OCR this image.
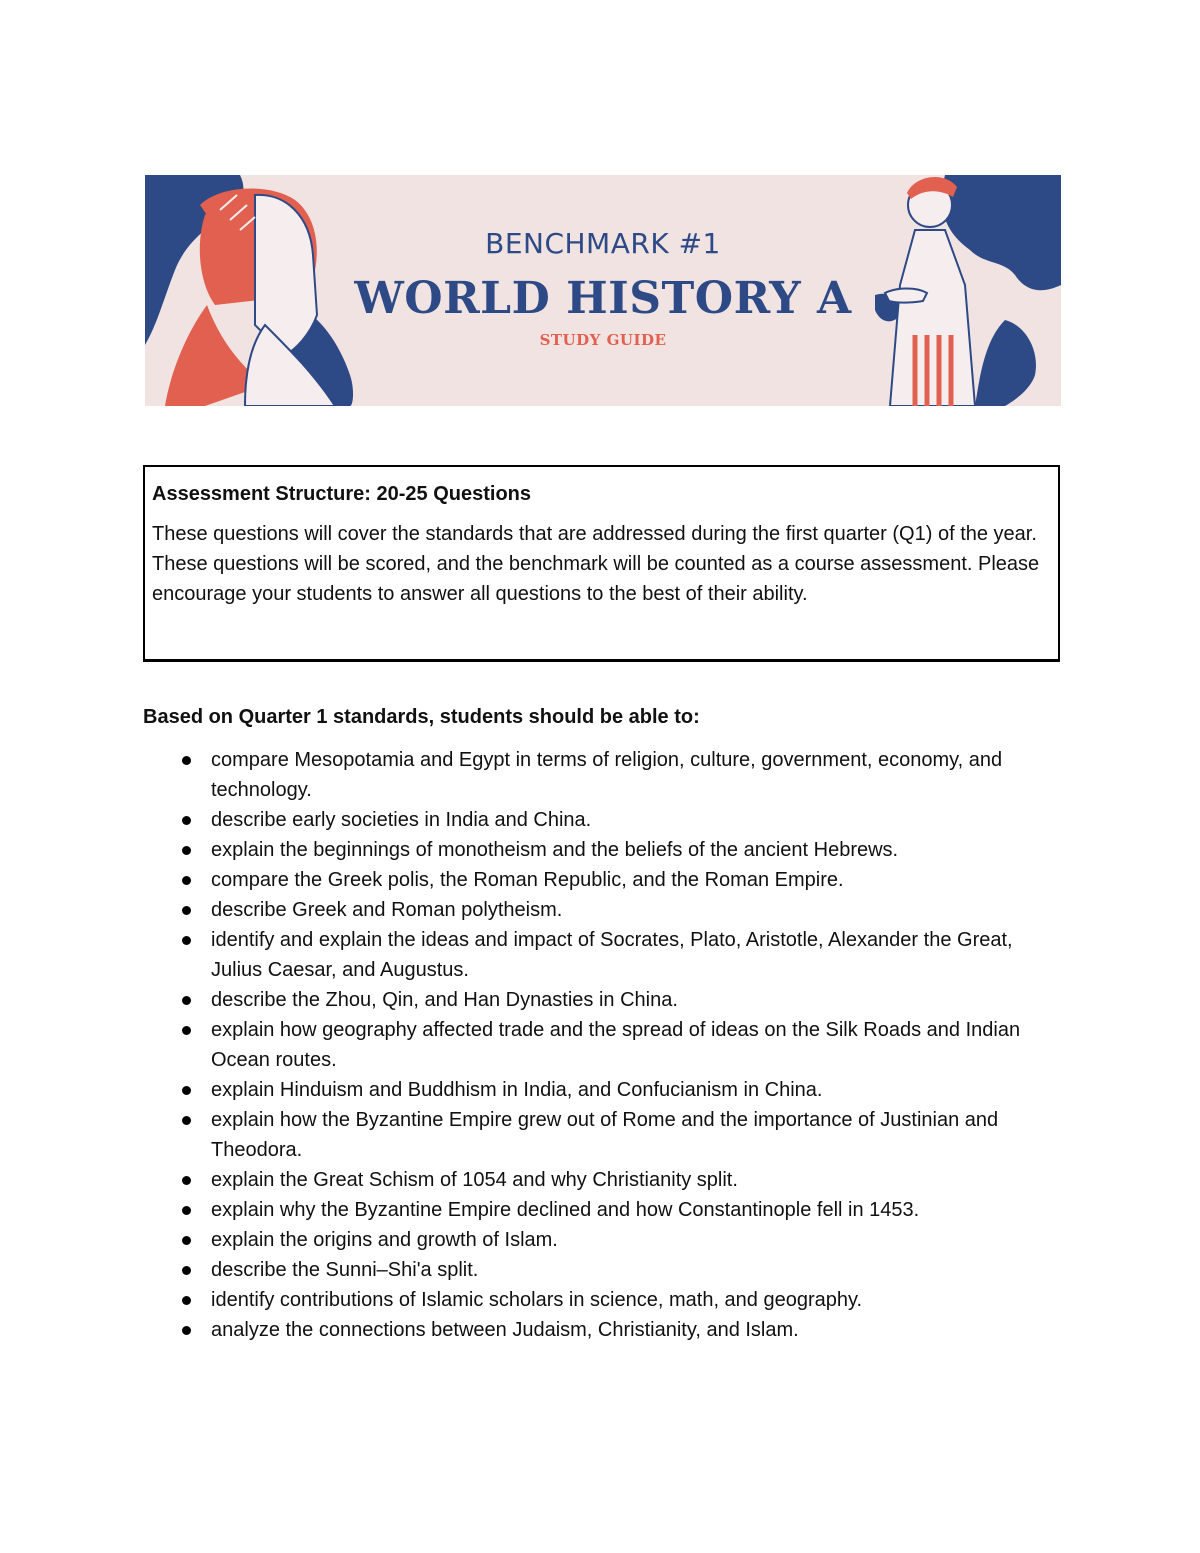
BENCHMARK #1
WORLD HISTORY A
STUDY GUIDE
Assessment Structure: 20-25 Questions
These questions will cover the standards that are addressed during the first quarter (Q1) of the year. These questions will be scored, and the benchmark will be counted as a course assessment. Please encourage your students to answer all questions to the best of their ability.
Based on Quarter 1 standards, students should be able to:
compare Mesopotamia and Egypt in terms of religion, culture, government, economy, and technology.
describe early societies in India and China.
explain the beginnings of monotheism and the beliefs of the ancient Hebrews.
compare the Greek polis, the Roman Republic, and the Roman Empire.
describe Greek and Roman polytheism.
identify and explain the ideas and impact of Socrates, Plato, Aristotle, Alexander the Great, Julius Caesar, and Augustus.
describe the Zhou, Qin, and Han Dynasties in China.
explain how geography affected trade and the spread of ideas on the Silk Roads and Indian Ocean routes.
explain Hinduism and Buddhism in India, and Confucianism in China.
explain how the Byzantine Empire grew out of Rome and the importance of Justinian and Theodora.
explain the Great Schism of 1054 and why Christianity split.
explain why the Byzantine Empire declined and how Constantinople fell in 1453.
explain the origins and growth of Islam.
describe the Sunni–Shi'a split.
identify contributions of Islamic scholars in science, math, and geography.
analyze the connections between Judaism, Christianity, and Islam.
